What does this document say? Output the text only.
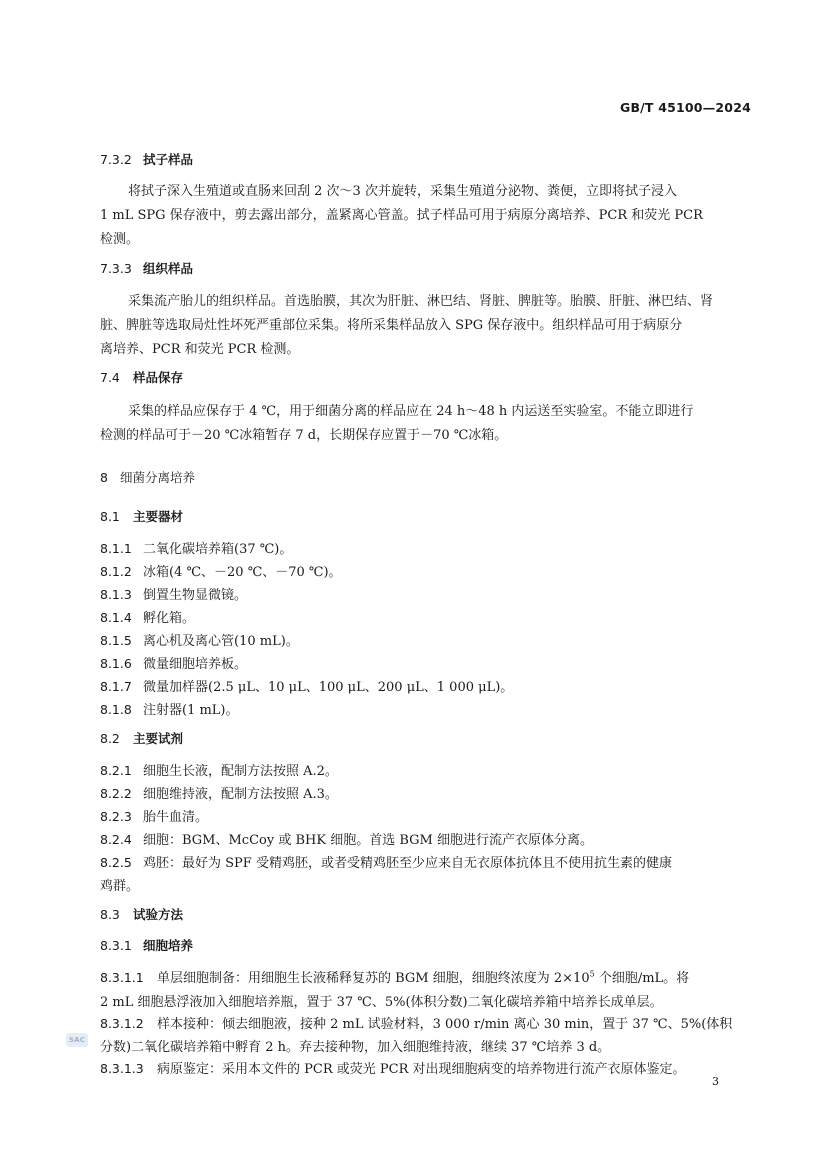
GB/T 45100—2024
7.3.2 拭子样品
将拭子深入生殖道或直肠来回刮 2 次～3 次并旋转，采集生殖道分泌物、粪便，立即将拭子浸入
1 mL SPG 保存液中，剪去露出部分，盖紧离心管盖。拭子样品可用于病原分离培养、PCR 和荧光 PCR
检测。
7.3.3 组织样品
采集流产胎儿的组织样品。首选胎膜，其次为肝脏、淋巴结、肾脏、脾脏等。胎膜、肝脏、淋巴结、肾
脏、脾脏等选取局灶性坏死严重部位采集。将所采集样品放入 SPG 保存液中。组织样品可用于病原分
离培养、PCR 和荧光 PCR 检测。
7.4 样品保存
采集的样品应保存于 4 ℃，用于细菌分离的样品应在 24 h～48 h 内运送至实验室。不能立即进行
检测的样品可于－20 ℃冰箱暂存 7 d，长期保存应置于－70 ℃冰箱。
8 细菌分离培养
8.1 主要器材
8.1.1 二氧化碳培养箱(37 ℃)。
8.1.2 冰箱(4 ℃、－20 ℃、－70 ℃)。
8.1.3 倒置生物显微镜。
8.1.4 孵化箱。
8.1.5 离心机及离心管(10 mL)。
8.1.6 微量细胞培养板。
8.1.7 微量加样器(2.5 μL、10 μL、100 μL、200 μL、1 000 μL)。
8.1.8 注射器(1 mL)。
8.2 主要试剂
8.2.1 细胞生长液，配制方法按照 A.2。
8.2.2 细胞维持液，配制方法按照 A.3。
8.2.3 胎牛血清。
8.2.4 细胞：BGM、McCoy 或 BHK 细胞。首选 BGM 细胞进行流产衣原体分离。
8.2.5 鸡胚：最好为 SPF 受精鸡胚，或者受精鸡胚至少应来自无衣原体抗体且不使用抗生素的健康
鸡群。
8.3 试验方法
8.3.1 细胞培养
8.3.1.1 单层细胞制备：用细胞生长液稀释复苏的 BGM 细胞，细胞终浓度为 $2\times 10^5$ 个细胞/mL。将
2 mL 细胞悬浮液加入细胞培养瓶，置于 37 ℃、5%(体积分数)二氧化碳培养箱中培养长成单层。
8.3.1.2 样本接种：倾去细胞液，接种 2 mL 试验材料，3 000 r/min 离心 30 min，置于 37 ℃、5%(体积
分数)二氧化碳培养箱中孵育 2 h。弃去接种物，加入细胞维持液，继续 37 ℃培养 3 d。
8.3.1.3 病原鉴定：采用本文件的 PCR 或荧光 PCR 对出现细胞病变的培养物进行流产衣原体鉴定。
SAC
3
